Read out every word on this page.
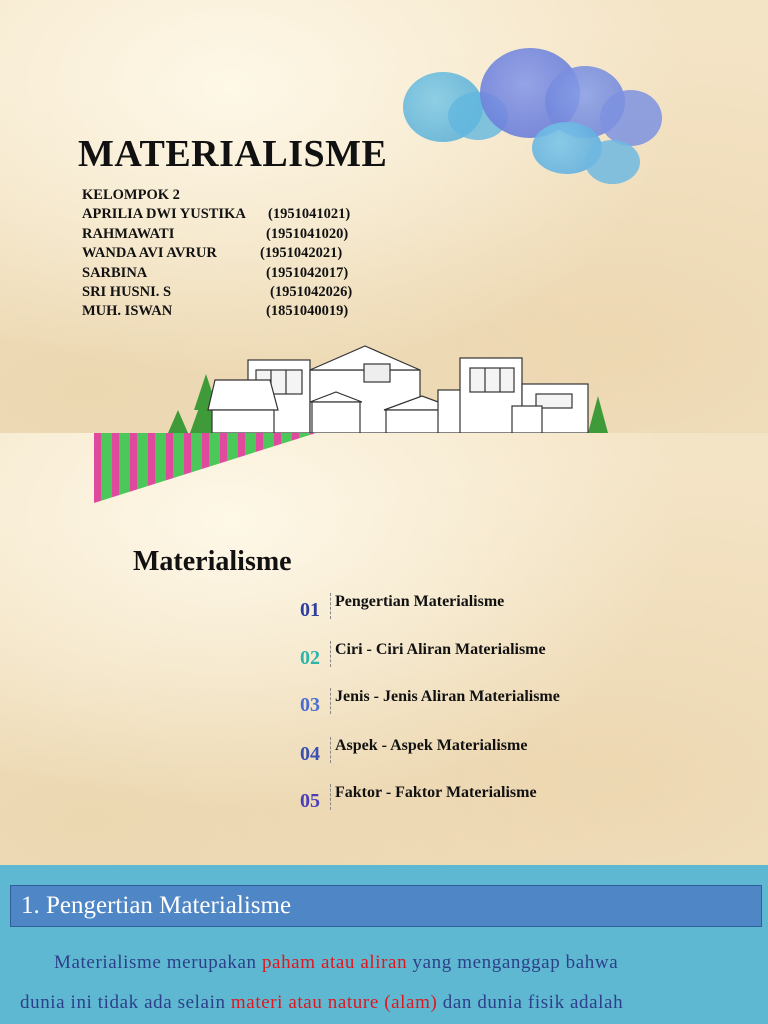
MATERIALISME
KELOMPOK 2
APRILIA DWI YUSTIKA (1951041021)
RAHMAWATI	(1951041020)
WANDA AVI AVRUR	(1951042021)
SARBINA	(1951042017)
SRI HUSNI. S	(1951042026)
MUH. ISWAN	(1851040019)
Materialisme
01 Pengertian Materialisme
02 Ciri - Ciri Aliran Materialisme
03 Jenis - Jenis Aliran Materialisme
04 Aspek - Aspek Materialisme
05 Faktor - Faktor Materialisme
1. Pengertian Materialisme
Materialisme merupakan paham atau aliran yang menganggap bahwa
dunia ini tidak ada selain materi atau nature (alam) dan dunia fisik adalah
